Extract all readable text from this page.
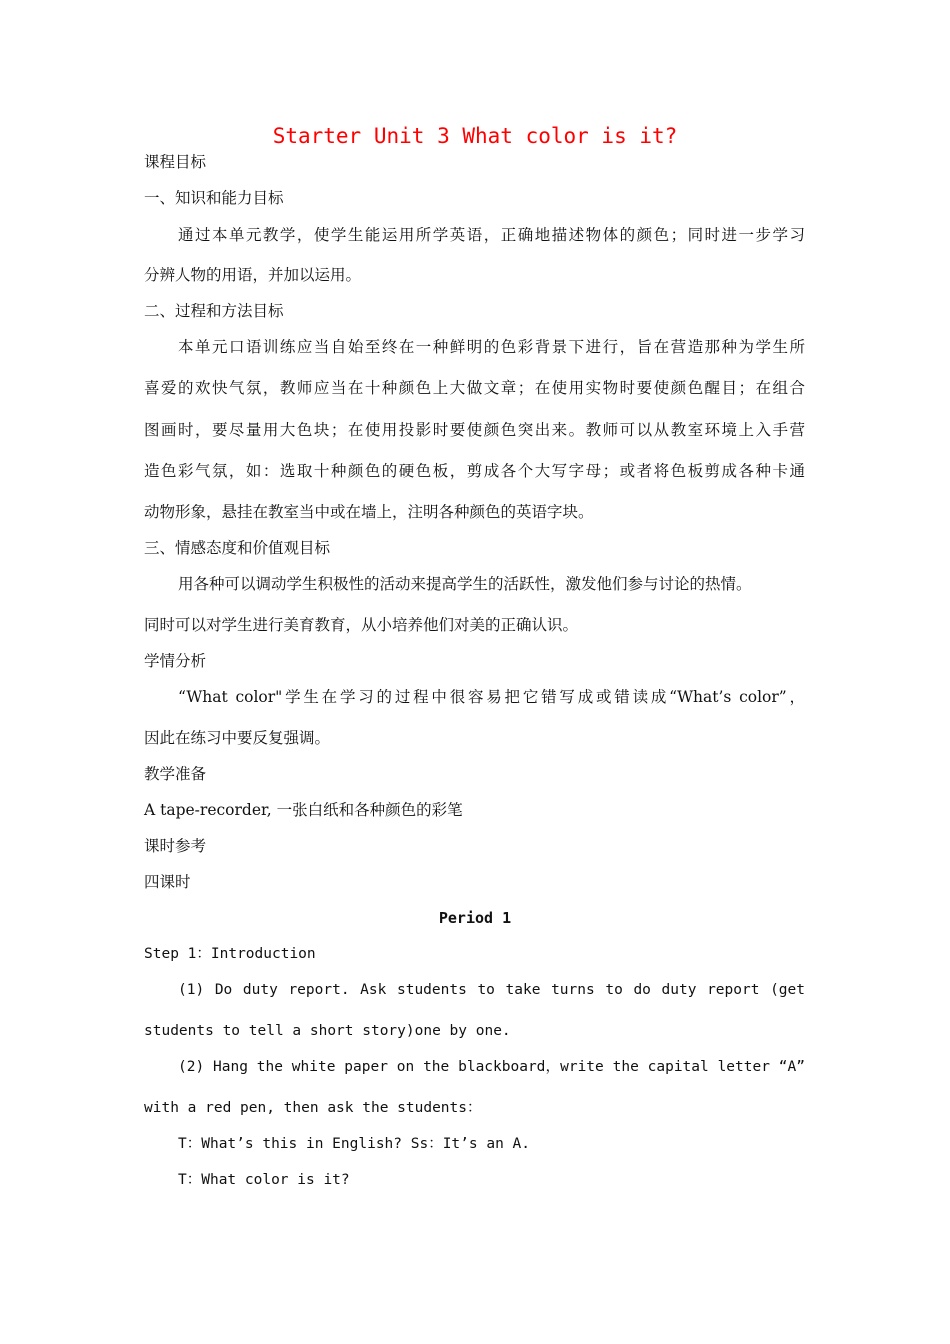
Starter Unit 3 What color is it?
课程目标
一、知识和能力目标
通过本单元教学，使学生能运用所学英语，正确地描述物体的颜色；同时进一步学习
分辨人物的用语，并加以运用。
二、过程和方法目标
本单元口语训练应当自始至终在一种鲜明的色彩背景下进行，旨在营造那种为学生所
喜爱的欢快气氛，教师应当在十种颜色上大做文章；在使用实物时要使颜色醒目；在组合
图画时，要尽量用大色块；在使用投影时要使颜色突出来。教师可以从教室环境上入手营
造色彩气氛，如：选取十种颜色的硬色板，剪成各个大写字母；或者将色板剪成各种卡通
动物形象，悬挂在教室当中或在墙上，注明各种颜色的英语字块。
三、情感态度和价值观目标
用各种可以调动学生积极性的活动来提高学生的活跃性，激发他们参与讨论的热情。
同时可以对学生进行美育教育，从小培养他们对美的正确认识。
学情分析
“What color"学生在学习的过程中很容易把它错写成或错读成“What’s color”，
因此在练习中要反复强调。
教学准备
A tape-recorder, 一张白纸和各种颜色的彩笔
课时参考
四课时
Period 1
Step 1：Introduction
(1) Do duty report. Ask students to take turns to do duty report (get
students to tell a short story)one by one.
(2) Hang the white paper on the blackboard，write the capital letter “A”
with a red pen, then ask the students：
T：What’s this in English? Ss：It’s an A.
T：What color is it?
